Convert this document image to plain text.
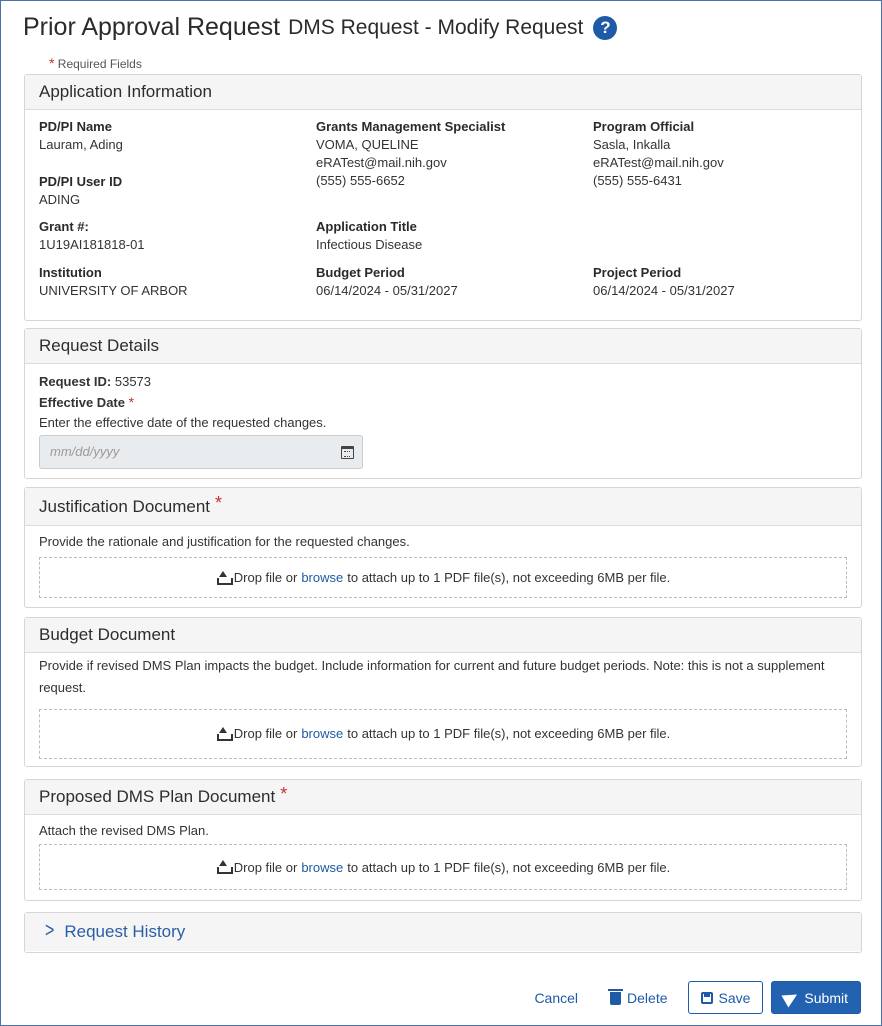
Prior Approval Request DMS Request - Modify Request ?
* Required Fields
Application Information
PD/PI Name
Lauram, Ading
PD/PI User ID
ADING
Grant #:
1U19AI181818-01
Institution
UNIVERSITY OF ARBOR
Grants Management Specialist
VOMA, QUELINE
eRATest@mail.nih.gov
(555) 555-6652
Application Title
Infectious Disease
Budget Period
06/14/2024 - 05/31/2027
Program Official
Sasla, Inkalla
eRATest@mail.nih.gov
(555) 555-6431
Project Period
06/14/2024 - 05/31/2027
Request Details
Request ID: 53573
Effective Date *
Enter the effective date of the requested changes.
mm/dd/yyyy
Justification Document *
Provide the rationale and justification for the requested changes.
Drop file or browse to attach up to 1 PDF file(s), not exceeding 6MB per file.
Budget Document
Provide if revised DMS Plan impacts the budget. Include information for current and future budget periods. Note: this is not a supplement request.
Drop file or browse to attach up to 1 PDF file(s), not exceeding 6MB per file.
Proposed DMS Plan Document *
Attach the revised DMS Plan.
Drop file or browse to attach up to 1 PDF file(s), not exceeding 6MB per file.
> Request History
Cancel	Delete	Save	Submit
